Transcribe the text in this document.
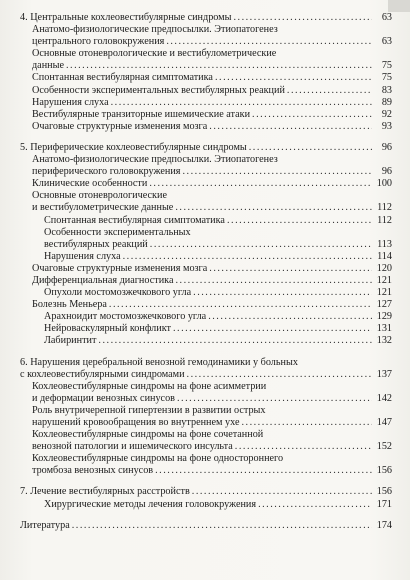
4. Центральные кохлеовестибулярные синдромы .....	63
Анатомо-физиологические предпосылки. Этиопатогенез
центрального головокружения .....	63
Основные отоневрологические и вестибулометрические
данные .....	75
Спонтанная вестибулярная симптоматика .....	75
Особенности экспериментальных вестибулярных реакций .....	83
Нарушения слуха .....	89
Вестибулярные транзиторные ишемические атаки .....	92
Очаговые структурные изменения мозга .....	93
5. Периферические кохлеовестибулярные синдромы .....	96
Анатомо-физиологические предпосылки. Этиопатогенез
периферического головокружения .....	96
Клинические особенности .....	100
Основные отоневрологические
и вестибулометрические данные .....	112
Спонтанная вестибулярная симптоматика .....	112
Особенности экспериментальных
вестибулярных реакций .....	113
Нарушения слуха .....	114
Очаговые структурные изменения мозга .....	120
Дифференциальная диагностика .....	121
Опухоли мостомозжечкового угла .....	121
Болезнь Меньера .....	127
Арахноидит мостомозжечкового угла .....	129
Нейроваскулярный конфликт .....	131
Лабиринтит .....	132
6. Нарушения церебральной венозной гемодинамики у больных
с кохлеовестибулярными синдромами .....	137
Кохлеовестибулярные синдромы на фоне асимметрии
и деформации венозных синусов .....	142
Роль внутричерепной гипертензии в развитии острых
нарушений кровообращения во внутреннем ухе .....	147
Кохлеовестибулярные синдромы на фоне сочетанной
венозной патологии и ишемического инсульта .....	152
Кохлеовестибулярные синдромы на фоне одностороннего
тромбоза венозных синусов .....	156
7. Лечение вестибулярных расстройств .....	156
Хирургические методы лечения головокружения .....	171
Литература .....	174
